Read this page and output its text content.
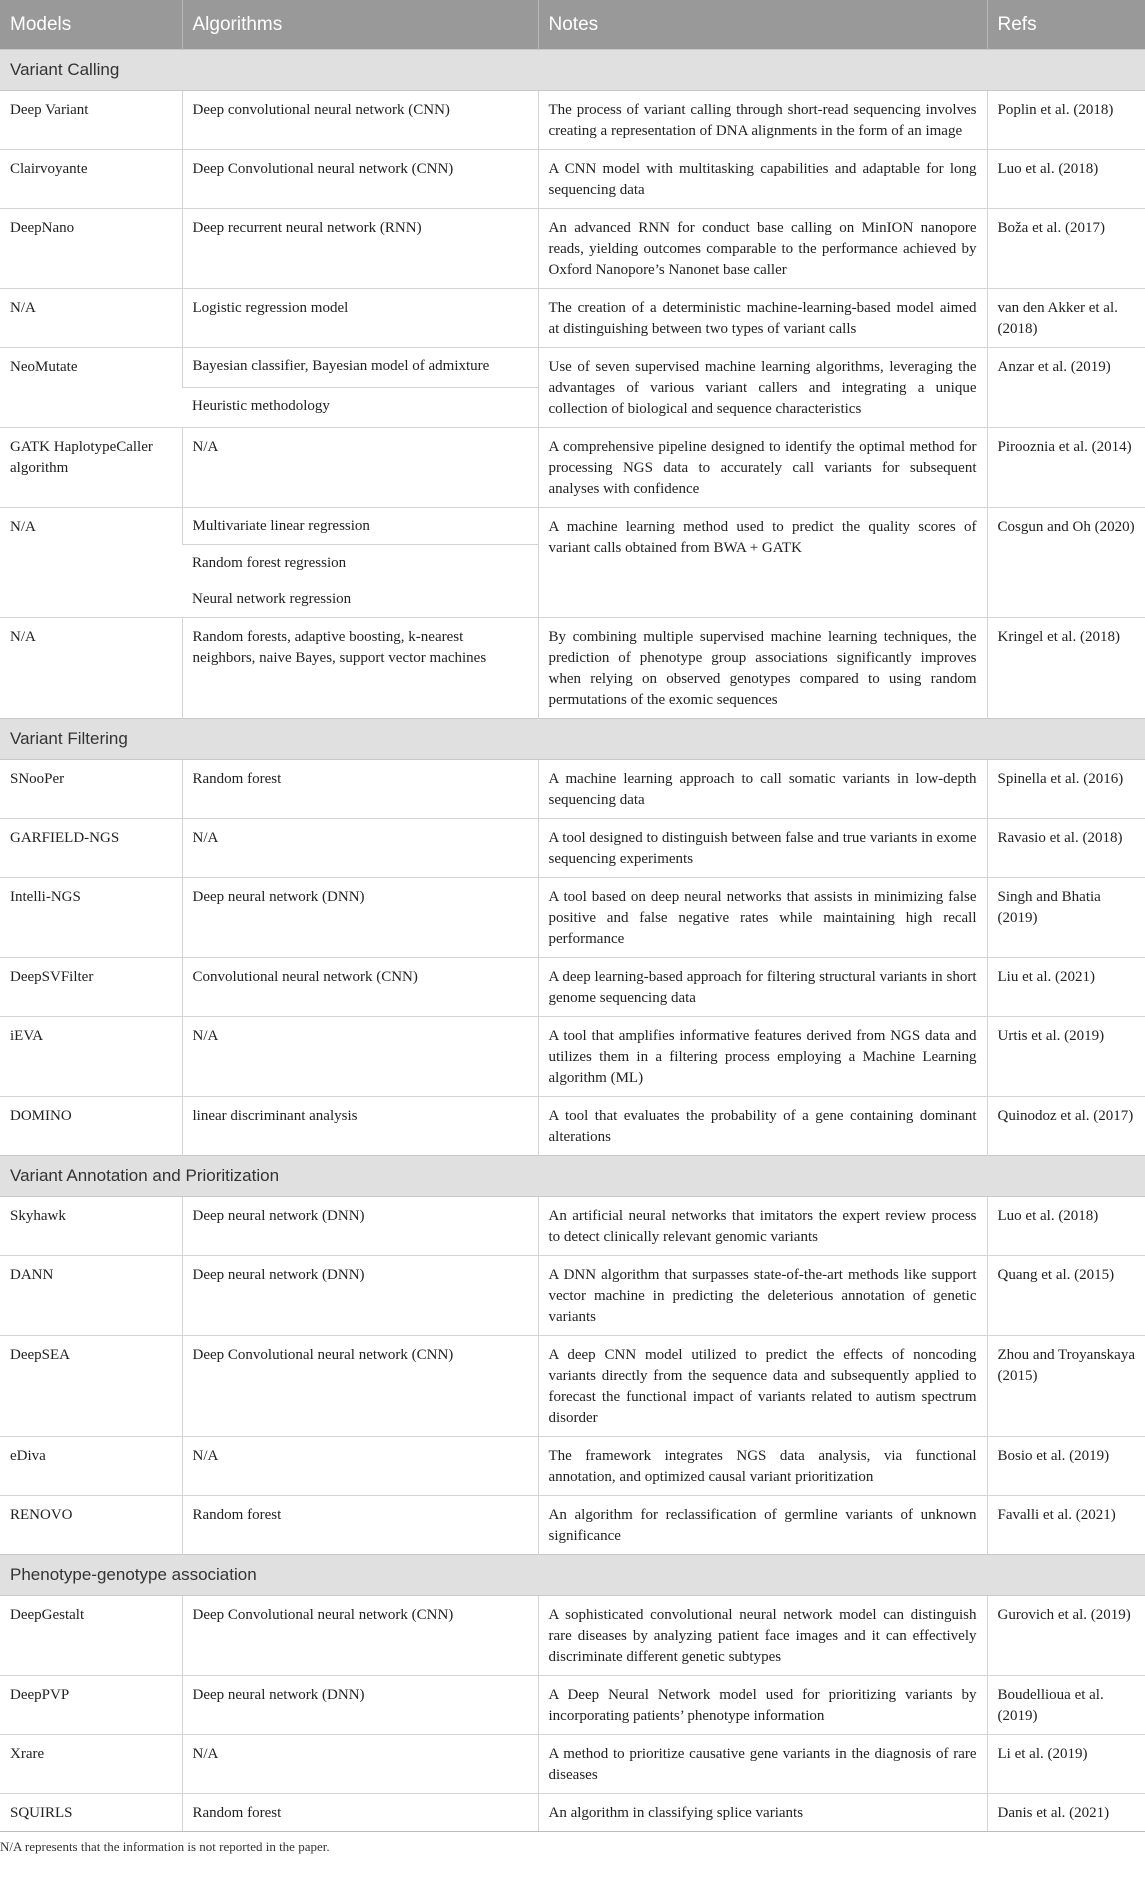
Models	Algorithms	Notes	Refs
Variant Calling			
Deep Variant	Deep convolutional neural network (CNN)	The process of variant calling through short-read sequencing involves creating a representation of DNA alignments in the form of an image	Poplin et al. (2018)
Clairvoyante	Deep Convolutional neural network (CNN)	A CNN model with multitasking capabilities and adaptable for long sequencing data	Luo et al. (2018)
DeepNano	Deep recurrent neural network (RNN)	An advanced RNN for conduct base calling on MinION nanopore reads, yielding outcomes comparable to the performance achieved by Oxford Nanopore’s Nanonet base caller	Boža et al. (2017)
N/A	Logistic regression model	The creation of a deterministic machine-learning-based model aimed at distinguishing between two types of variant calls	van den Akker et al. (2018)
NeoMutate	Bayesian classifier, Bayesian model of admixture	Use of seven supervised machine learning algorithms, leveraging the advantages of various variant callers and integrating a unique collection of biological and sequence characteristics	Anzar et al. (2019)
	Heuristic methodology		
GATK HaplotypeCaller algorithm	N/A	A comprehensive pipeline designed to identify the optimal method for processing NGS data to accurately call variants for subsequent analyses with confidence	Pirooznia et al. (2014)
N/A	Multivariate linear regression	A machine learning method used to predict the quality scores of variant calls obtained from BWA + GATK	Cosgun and Oh (2020)
	Random forest regression		
	Neural network regression		
N/A	Random forests, adaptive boosting, k-nearest neighbors, naive Bayes, support vector machines	By combining multiple supervised machine learning techniques, the prediction of phenotype group associations significantly improves when relying on observed genotypes compared to using random permutations of the exomic sequences	Kringel et al. (2018)
Variant Filtering			
SNooPer	Random forest	A machine learning approach to call somatic variants in low-depth sequencing data	Spinella et al. (2016)
GARFIELD-NGS	N/A	A tool designed to distinguish between false and true variants in exome sequencing experiments	Ravasio et al. (2018)
Intelli-NGS	Deep neural network (DNN)	A tool based on deep neural networks that assists in minimizing false positive and false negative rates while maintaining high recall performance	Singh and Bhatia (2019)
DeepSVFilter	Convolutional neural network (CNN)	A deep learning-based approach for filtering structural variants in short genome sequencing data	Liu et al. (2021)
iEVA	N/A	A tool that amplifies informative features derived from NGS data and utilizes them in a filtering process employing a Machine Learning algorithm (ML)	Urtis et al. (2019)
DOMINO	linear discriminant analysis	A tool that evaluates the probability of a gene containing dominant alterations	Quinodoz et al. (2017)
Variant Annotation and Prioritization			
Skyhawk	Deep neural network (DNN)	An artificial neural networks that imitators the expert review process to detect clinically relevant genomic variants	Luo et al. (2018)
DANN	Deep neural network (DNN)	A DNN algorithm that surpasses state-of-the-art methods like support vector machine in predicting the deleterious annotation of genetic variants	Quang et al. (2015)
DeepSEA	Deep Convolutional neural network (CNN)	A deep CNN model utilized to predict the effects of noncoding variants directly from the sequence data and subsequently applied to forecast the functional impact of variants related to autism spectrum disorder	Zhou and Troyanskaya (2015)
eDiva	N/A	The framework integrates NGS data analysis, via functional annotation, and optimized causal variant prioritization	Bosio et al. (2019)
RENOVO	Random forest	An algorithm for reclassification of germline variants of unknown significance	Favalli et al. (2021)
Phenotype-genotype association			
DeepGestalt	Deep Convolutional neural network (CNN)	A sophisticated convolutional neural network model can distinguish rare diseases by analyzing patient face images and it can effectively discriminate different genetic subtypes	Gurovich et al. (2019)
DeepPVP	Deep neural network (DNN)	A Deep Neural Network model used for prioritizing variants by incorporating patients’ phenotype information	Boudellioua et al. (2019)
Xrare	N/A	A method to prioritize causative gene variants in the diagnosis of rare diseases	Li et al. (2019)
SQUIRLS	Random forest	An algorithm in classifying splice variants	Danis et al. (2021)
N/A represents that the information is not reported in the paper.
